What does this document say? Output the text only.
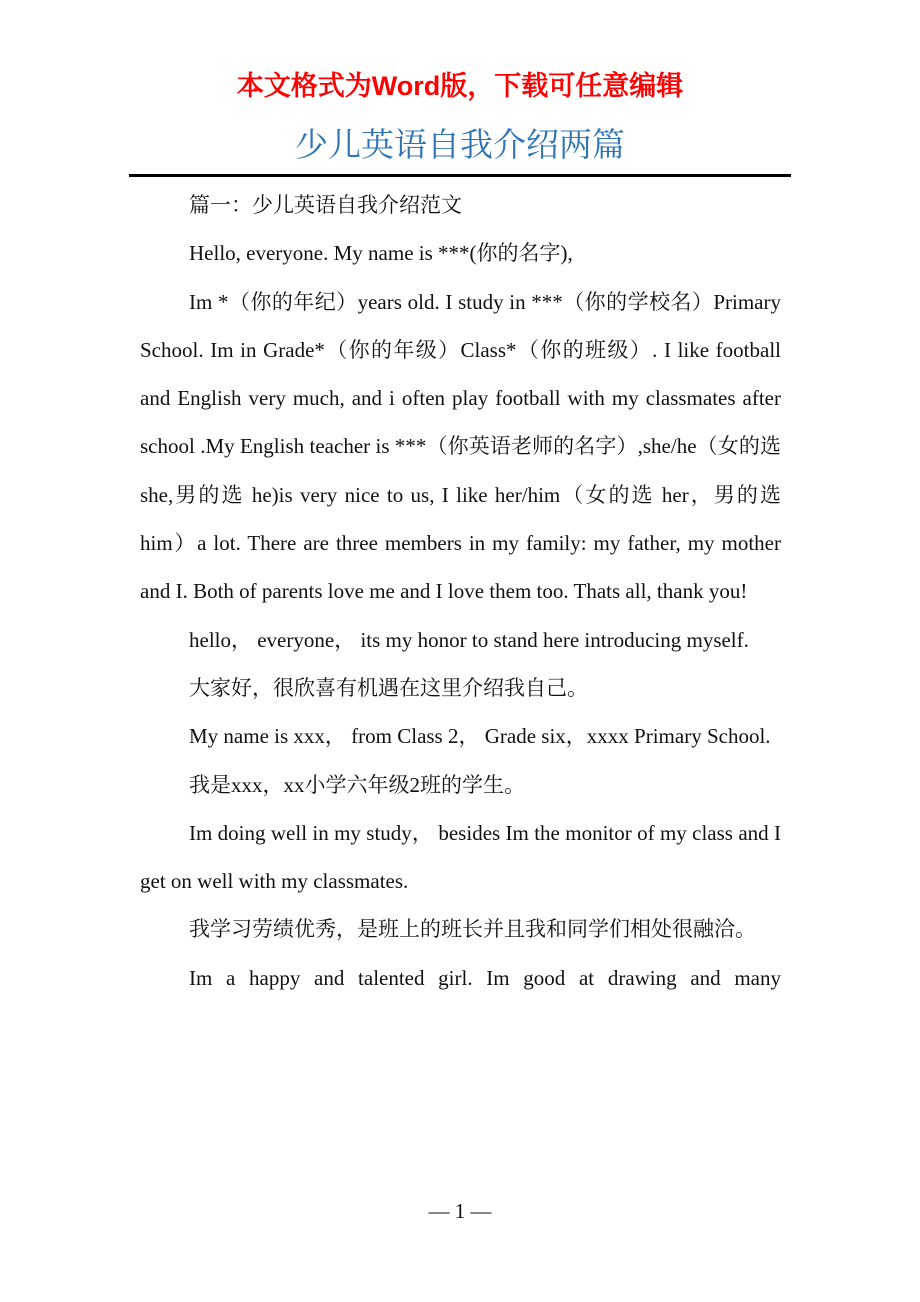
本文格式为Word版，下载可任意编辑
少儿英语自我介绍两篇

篇一：少儿英语自我介绍范文

Hello, everyone. My name is ***(你的名字),

Im *（你的年纪）years old. I study in ***（你的学校名）Primary School. Im in Grade*（你的年级）Class*（你的班级）. I like football and English very much, and i often play football with my classmates after school .My English teacher is ***（你英语老师的名字）,she/he（女的选 she,男的选 he)is very nice to us, I like her/him（女的选 her，男的选 him）a lot. There are three members in my family: my father, my mother and I. Both of parents love me and I love them too. Thats all, thank you!

hello， everyone， its my honor to stand here introducing myself.

大家好，很欣喜有机遇在这里介绍我自己。

My name is xxx， from Class 2， Grade six，xxxx Primary School.

我是xxx，xx小学六年级2班的学生。

Im doing well in my study， besides Im the monitor of my class and I get on well with my classmates.

我学习劳绩优秀，是班上的班长并且我和同学们相处很融洽。

Im a happy and talented girl. Im good at drawing and many

— 1 —
